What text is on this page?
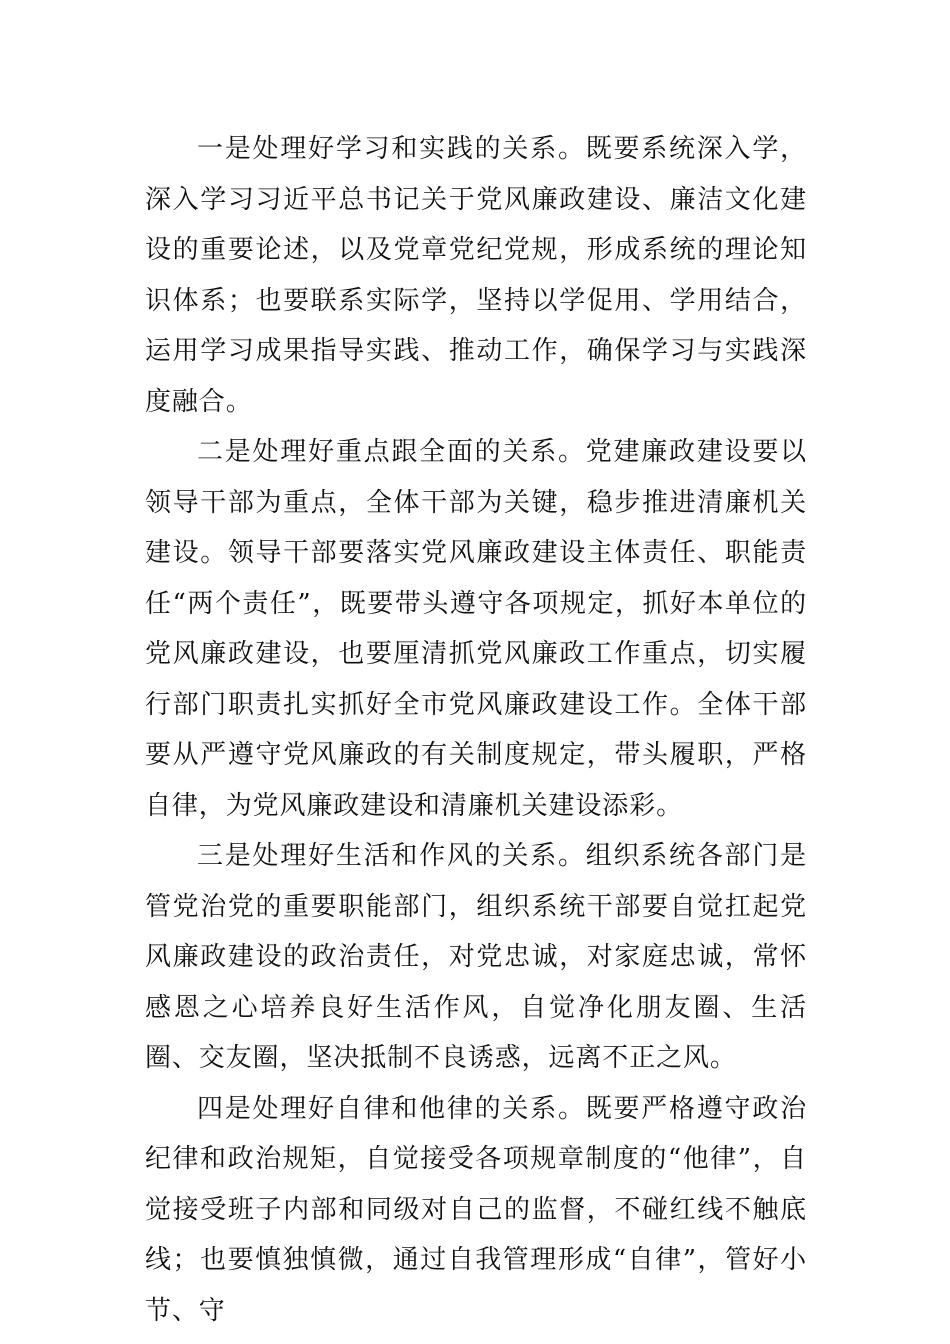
一是处理好学习和实践的关系。既要系统深入学，深入学习习近平总书记关于党风廉政建设、廉洁文化建设的重要论述，以及党章党纪党规，形成系统的理论知识体系；也要联系实际学，坚持以学促用、学用结合，运用学习成果指导实践、推动工作，确保学习与实践深度融合。

二是处理好重点跟全面的关系。党建廉政建设要以领导干部为重点，全体干部为关键，稳步推进清廉机关建设。领导干部要落实党风廉政建设主体责任、职能责任“两个责任”，既要带头遵守各项规定，抓好本单位的党风廉政建设，也要厘清抓党风廉政工作重点，切实履行部门职责扎实抓好全市党风廉政建设工作。全体干部要从严遵守党风廉政的有关制度规定，带头履职，严格自律，为党风廉政建设和清廉机关建设添彩。

三是处理好生活和作风的关系。组织系统各部门是管党治党的重要职能部门，组织系统干部要自觉扛起党风廉政建设的政治责任，对党忠诚，对家庭忠诚，常怀感恩之心培养良好生活作风，自觉净化朋友圈、生活圈、交友圈，坚决抵制不良诱惑，远离不正之风。

四是处理好自律和他律的关系。既要严格遵守政治纪律和政治规矩，自觉接受各项规章制度的“他律”，自觉接受班子内部和同级对自己的监督，不碰红线不触底线；也要慎独慎微，通过自我管理形成“自律”，管好小节、守
